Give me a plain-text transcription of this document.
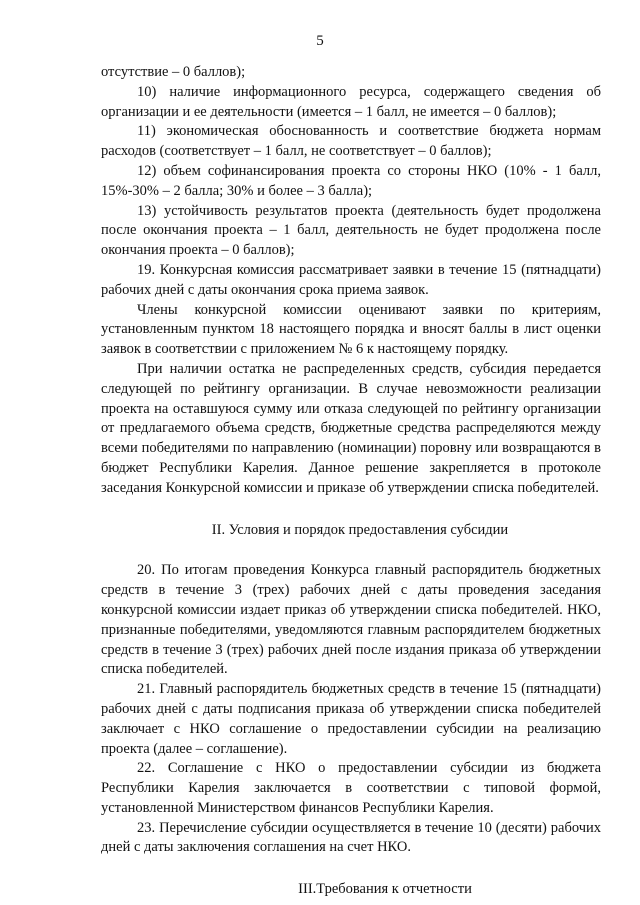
5

отсутствие – 0 баллов);

10) наличие информационного ресурса, содержащего сведения об организации и ее деятельности (имеется – 1 балл, не имеется – 0 баллов);

11) экономическая обоснованность и соответствие бюджета нормам расходов (соответствует – 1 балл, не соответствует – 0 баллов);

12) объем софинансирования проекта со стороны НКО (10% - 1 балл, 15%-30% – 2 балла; 30% и более – 3 балла);

13) устойчивость результатов проекта (деятельность будет продолжена после окончания проекта – 1 балл, деятельность не будет продолжена после окончания проекта – 0 баллов);

19. Конкурсная комиссия рассматривает заявки в течение 15 (пятнадцати) рабочих дней с даты окончания срока приема заявок.

Члены конкурсной комиссии оценивают заявки по критериям, установленным пунктом 18 настоящего порядка и вносят баллы в лист оценки заявок в соответствии с приложением № 6 к настоящему порядку.

При наличии остатка не распределенных средств, субсидия передается следующей по рейтингу организации. В случае невозможности реализации проекта на оставшуюся сумму или отказа следующей по рейтингу организации от предлагаемого объема средств, бюджетные средства распределяются между всеми победителями по направлению (номинации) поровну или возвращаются в бюджет Республики Карелия. Данное решение закрепляется в протоколе заседания Конкурсной комиссии и приказе об утверждении списка победителей.

II. Условия и порядок предоставления субсидии

20. По итогам проведения Конкурса главный распорядитель бюджетных средств в течение 3 (трех) рабочих дней с даты проведения заседания конкурсной комиссии издает приказ об утверждении списка победителей. НКО, признанные победителями, уведомляются главным распорядителем бюджетных средств в течение 3 (трех) рабочих дней после издания приказа об утверждении списка победителей.

21. Главный распорядитель бюджетных средств в течение 15 (пятнадцати) рабочих дней с даты подписания приказа об утверждении списка победителей заключает с НКО соглашение о предоставлении субсидии на реализацию проекта (далее – соглашение).

22. Соглашение с НКО о предоставлении субсидии из бюджета Республики Карелия заключается в соответствии с типовой формой, установленной Министерством финансов Республики Карелия.

23. Перечисление субсидии осуществляется в течение 10 (десяти) рабочих дней с даты заключения соглашения на счет НКО.

III.Требования к отчетности
